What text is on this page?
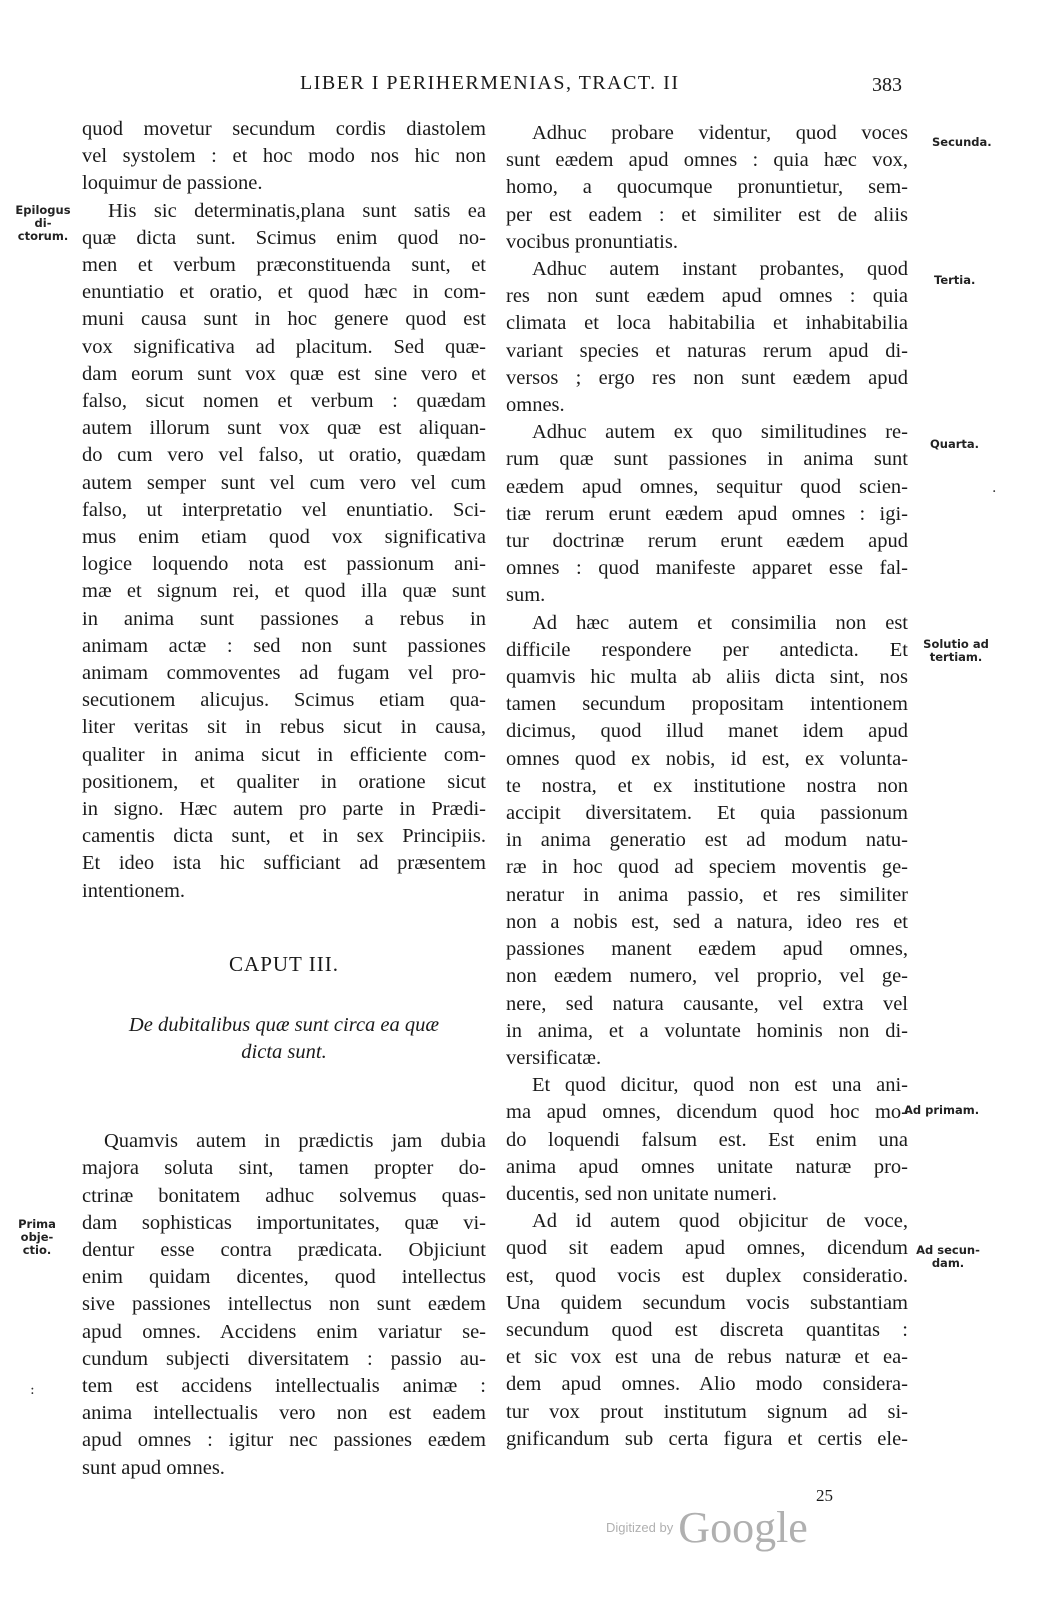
LIBER I PERIHERMENIAS, TRACT. II	383

quod movetur secundum cordis diastolem
vel systolem : et hoc modo nos hic non
loquimur de passione.

His sic determinatis,plana sunt satis ea
quæ dicta sunt. Scimus enim quod no-
men et verbum præconstituenda sunt, et
enuntiatio et oratio, et quod hæc in com-
muni causa sunt in hoc genere quod est
vox significativa ad placitum. Sed quæ-
dam eorum sunt vox quæ est sine vero et
falso, sicut nomen et verbum : quædam
autem illorum sunt vox quæ est aliquan-
do cum vero vel falso, ut oratio, quædam
autem semper sunt vel cum vero vel cum
falso, ut interpretatio vel enuntiatio. Sci-
mus enim etiam quod vox significativa
logice loquendo nota est passionum ani-
mæ et signum rei, et quod illa quæ sunt
in anima sunt passiones a rebus in
animam actæ : sed non sunt passiones
animam commoventes ad fugam vel pro-
secutionem alicujus. Scimus etiam qua-
liter veritas sit in rebus sicut in causa,
qualiter in anima sicut in efficiente com-
positionem, et qualiter in oratione sicut
in signo. Hæc autem pro parte in Prædi-
camentis dicta sunt, et in sex Principiis.
Et ideo ista hic sufficiant ad præsentem
intentionem.

CAPUT III.
De dubitalibus quæ sunt circa ea quæ
dicta sunt.

Quamvis autem in prædictis jam dubia
majora soluta sint, tamen propter do-
ctrinæ bonitatem adhuc solvemus quas-
dam sophisticas importunitates, quæ vi-
dentur esse contra prædicata. Objiciunt
enim quidam dicentes, quod intellectus
sive passiones intellectus non sunt eædem
apud omnes. Accidens enim variatur se-
cundum subjecti diversitatem : passio au-
tem est accidens intellectualis animæ :
anima intellectualis vero non est eadem
apud omnes : igitur nec passiones eædem
sunt apud omnes.

Adhuc probare videntur, quod voces
sunt eædem apud omnes : quia hæc vox,
homo, a quocumque pronuntietur, sem-
per est eadem : et similiter est de aliis
vocibus pronuntiatis.

Adhuc autem instant probantes, quod
res non sunt eædem apud omnes : quia
climata et loca habitabilia et inhabitabilia
variant species et naturas rerum apud di-
versos ; ergo res non sunt eædem apud
omnes.

Adhuc autem ex quo similitudines re-
rum quæ sunt passiones in anima sunt
eædem apud omnes, sequitur quod scien-
tiæ rerum erunt eædem apud omnes : igi-
tur doctrinæ rerum erunt eædem apud
omnes : quod manifeste apparet esse fal-
sum.

Ad hæc autem et consimilia non est
difficile respondere per antedicta. Et
quamvis hic multa ab aliis dicta sint, nos
tamen secundum propositam intentionem
dicimus, quod illud manet idem apud
omnes quod ex nobis, id est, ex volunta-
te nostra, et ex institutione nostra non
accipit diversitatem. Et quia passionum
in anima generatio est ad modum natu-
ræ in hoc quod ad speciem moventis ge-
neratur in anima passio, et res similiter
non a nobis est, sed a natura, ideo res et
passiones manent eædem apud omnes,
non eædem numero, vel proprio, vel ge-
nere, sed natura causante, vel extra vel
in anima, et a voluntate hominis non di-
versificatæ.

Et quod dicitur, quod non est una ani-
ma apud omnes, dicendum quod hoc mo-
do loquendi falsum est. Est enim una
anima apud omnes unitate naturæ pro-
ducentis, sed non unitate numeri.

Ad id autem quod objicitur de voce,
quod sit eadem apud omnes, dicendum
est, quod vocis est duplex consideratio.
Una quidem secundum vocis substantiam
secundum quod est discreta quantitas :
et sic vox est una de rebus naturæ et ea-
dem apud omnes. Alio modo considera-
tur vox prout institutum signum ad si-
gnificandum sub certa figura et certis ele-

Epilogus di-
ctorum.
Prima obje-
ctio.
Secunda.
Tertia.
Quarta.
Solutio ad
tertiam.
Ad primam.
Ad secun-
dam.
:
·
25
Digitized by Google
